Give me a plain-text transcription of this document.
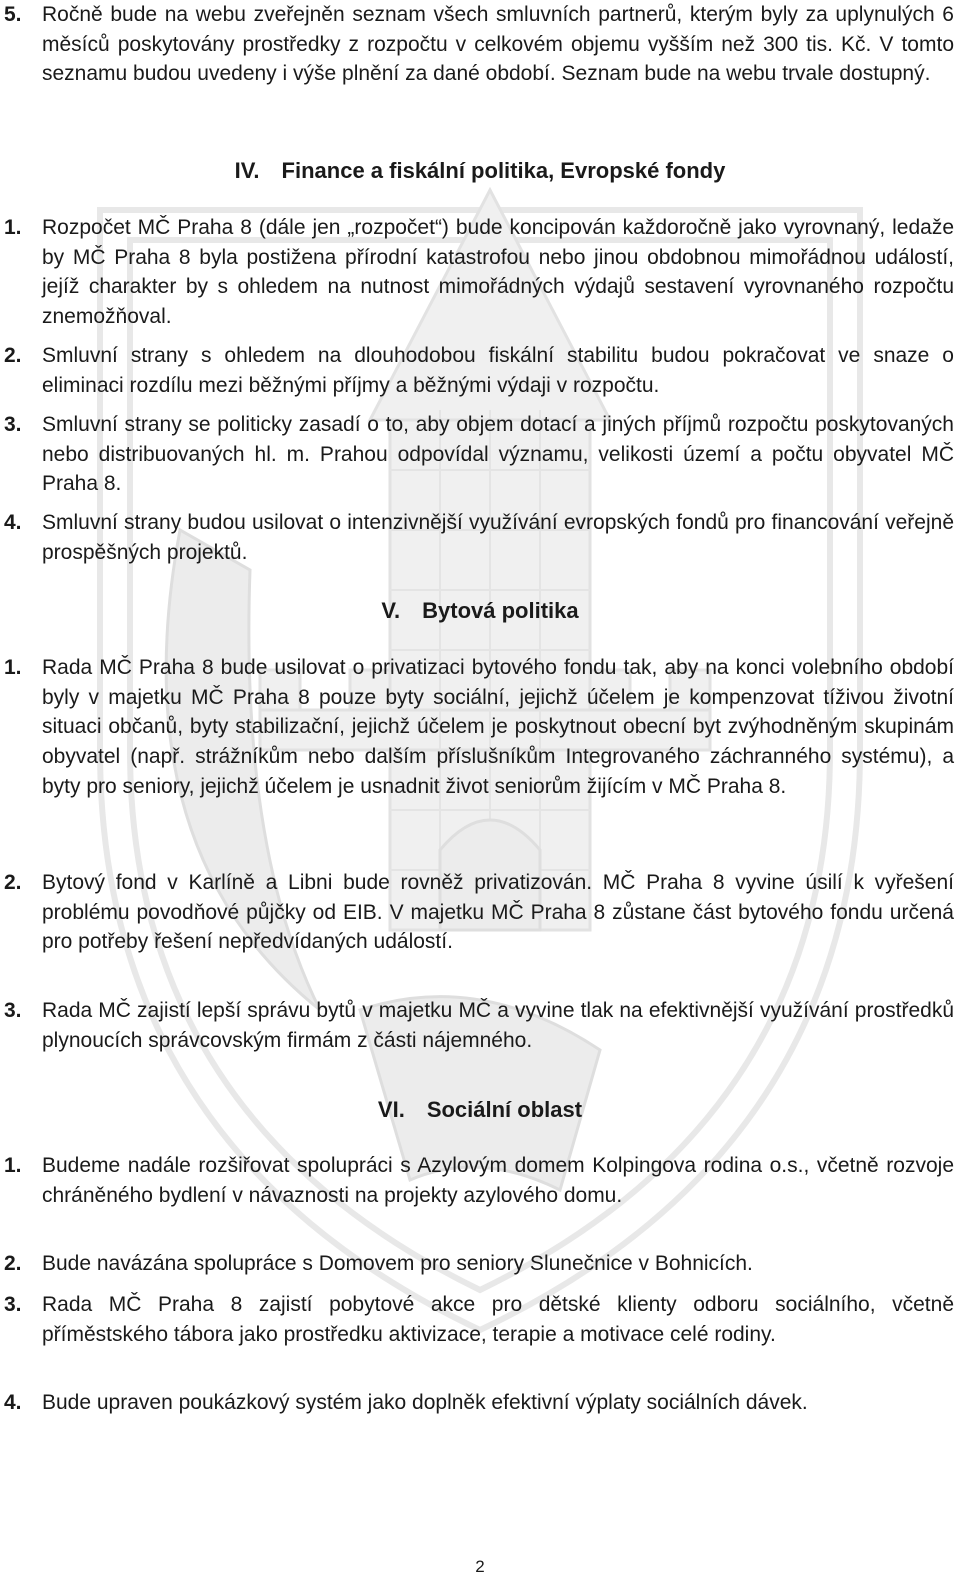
5. Ročně bude na webu zveřejněn seznam všech smluvních partnerů, kterým byly za uplynulých 6 měsíců poskytovány prostředky z rozpočtu v celkovém objemu vyšším než 300 tis. Kč. V tomto seznamu budou uvedeny i výše plnění za dané období. Seznam bude na webu trvale dostupný.

IV. Finance a fiskální politika, Evropské fondy
1. Rozpočet MČ Praha 8 (dále jen „rozpočet“) bude koncipován každoročně jako vyrovnaný, ledaže by MČ Praha 8 byla postižena přírodní katastrofou nebo jinou obdobnou mimořádnou událostí, jejíž charakter by s ohledem na nutnost mimořádných výdajů sestavení vyrovnaného rozpočtu znemožňoval.

2. Smluvní strany s ohledem na dlouhodobou fiskální stabilitu budou pokračovat ve snaze o eliminaci rozdílu mezi běžnými příjmy a běžnými výdaji v rozpočtu.

3. Smluvní strany se politicky zasadí o to, aby objem dotací a jiných příjmů rozpočtu poskytovaných nebo distribuovaných hl. m. Prahou odpovídal významu, velikosti území a počtu obyvatel MČ Praha 8.

4. Smluvní strany budou usilovat o intenzivnější využívání evropských fondů pro financování veřejně prospěšných projektů.

V. Bytová politika
1. Rada MČ Praha 8 bude usilovat o privatizaci bytového fondu tak, aby na konci volebního období byly v majetku MČ Praha 8 pouze byty sociální, jejichž účelem je kompenzovat tíživou životní situaci občanů, byty stabilizační, jejichž účelem je poskytnout obecní byt zvýhodněným skupinám obyvatel (např. strážníkům nebo dalším příslušníkům Integrovaného záchranného systému), a byty pro seniory, jejichž účelem je usnadnit život seniorům žijícím v MČ Praha 8.

2. Bytový fond v Karlíně a Libni bude rovněž privatizován. MČ Praha 8 vyvine úsilí k vyřešení problému povodňové půjčky od EIB. V majetku MČ Praha 8 zůstane část bytového fondu určená pro potřeby řešení nepředvídaných událostí.

3. Rada MČ zajistí lepší správu bytů v majetku MČ a vyvine tlak na efektivnější využívání prostředků plynoucích správcovským firmám z části nájemného.

VI. Sociální oblast
1. Budeme nadále rozšiřovat spolupráci s Azylovým domem Kolpingova rodina o.s., včetně rozvoje chráněného bydlení v návaznosti na projekty azylového domu.

2. Bude navázána spolupráce s Domovem pro seniory Slunečnice v Bohnicích.

3. Rada MČ Praha 8 zajistí pobytové akce pro dětské klienty odboru sociálního, včetně příměstského tábora jako prostředku aktivizace, terapie a motivace celé rodiny.

4. Bude upraven poukázkový systém jako doplněk efektivní výplaty sociálních dávek.

2
